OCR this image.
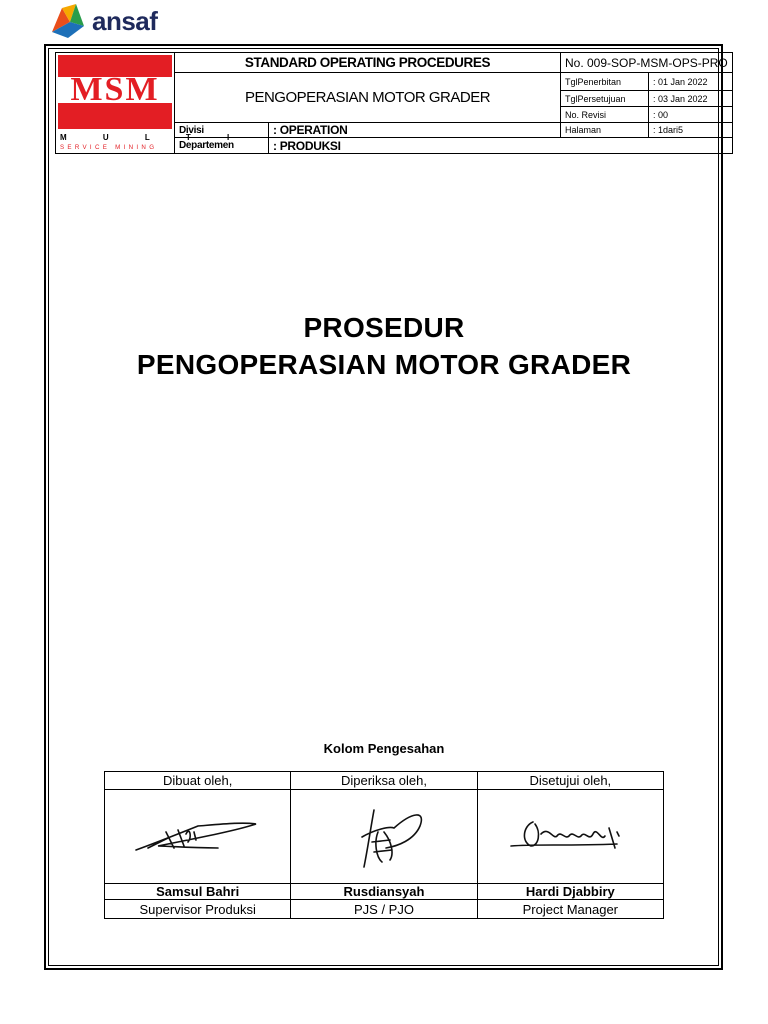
ansaf
MSM
M U L T I
SERVICE MINING	STANDARD OPERATING PROCEDURES		No. 009-SOP-MSM-OPS-PRO	
	PENGOPERASIAN MOTOR GRADER		TglPenerbitan	: 01 Jan 2022
			TglPersetujuan	: 03 Jan 2022
			No. Revisi	: 00
	Divisi	: OPERATION	Halaman	: 1dari5
	Departemen	: PRODUKSI		
PROSEDUR
PENGOPERASIAN MOTOR GRADER
Kolom Pengesahan
Dibuat oleh,	Diperiksa oleh,	Disetujui oleh,

Samsul Bahri	Rusdiansyah	Hardi Djabbiry
Supervisor Produksi	PJS / PJO	Project Manager
